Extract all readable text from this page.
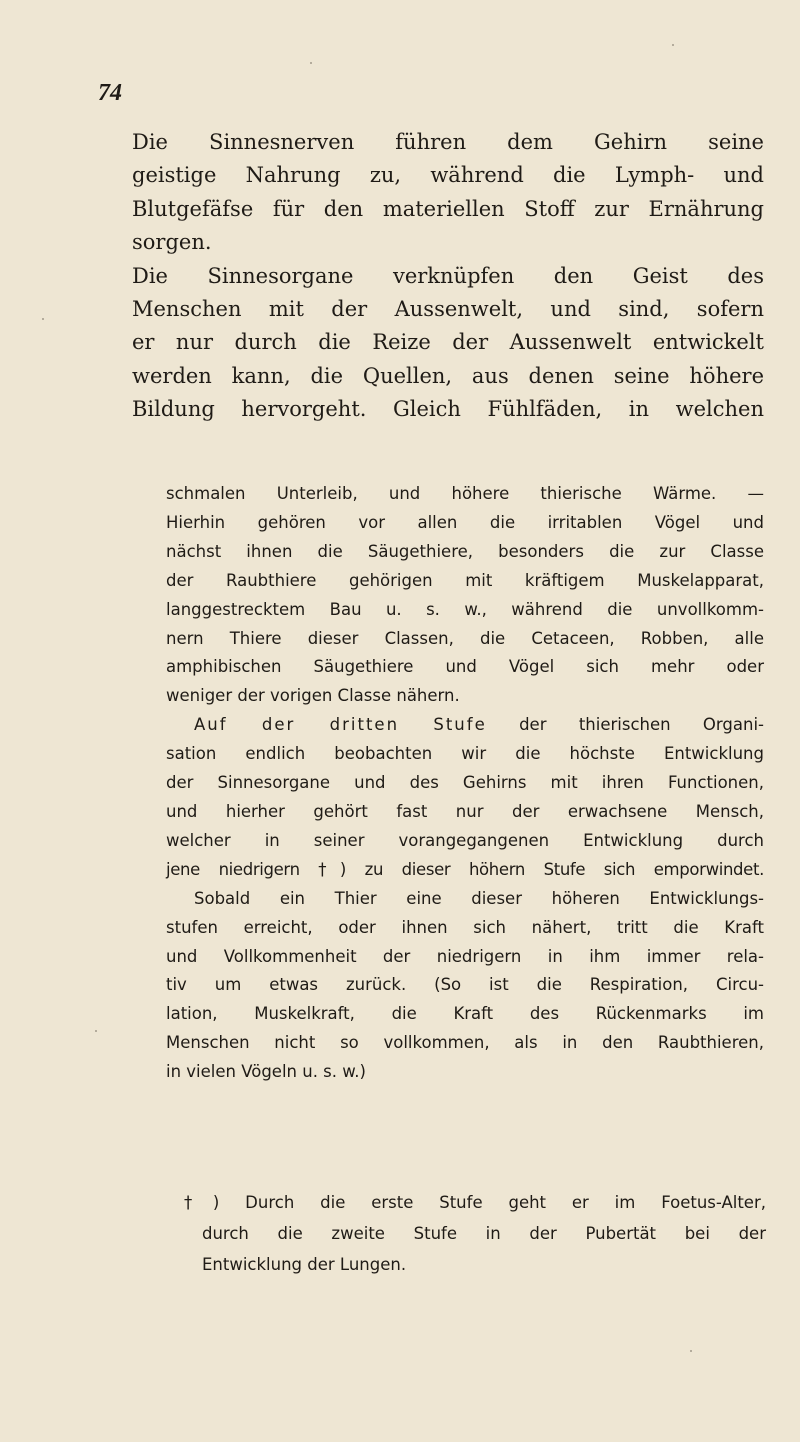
74

Die Sinnesnerven führen dem Gehirn seine
geistige Nahrung zu, während die Lymph- und
Blutgefäfse für den materiellen Stoff zur Ernährung
sorgen.

Die Sinnesorgane verknüpfen den Geist des
Menschen mit der Aussenwelt, und sind, sofern
er nur durch die Reize der Aussenwelt entwickelt
werden kann, die Quellen, aus denen seine höhere
Bildung hervorgeht. Gleich Fühlfäden, in welchen

schmalen Unterleib, und höhere thierische Wärme. —
Hierhin gehören vor allen die irritablen Vögel und
nächst ihnen die Säugethiere, besonders die zur Classe
der Raubthiere gehörigen mit kräftigem Muskelapparat,
langgestrecktem Bau u. s. w., während die unvollkomm-
nern Thiere dieser Classen, die Cetaceen, Robben, alle
amphibischen Säugethiere und Vögel sich mehr oder
weniger der vorigen Classe nähern.

Auf der dritten Stufe der thierischen Organi-
sation endlich beobachten wir die höchste Entwicklung
der Sinnesorgane und des Gehirns mit ihren Functionen,
und hierher gehört fast nur der erwachsene Mensch,
welcher in seiner vorangegangenen Entwicklung durch
jene niedrigern †) zu dieser höhern Stufe sich emporwindet.

Sobald ein Thier eine dieser höheren Entwicklungs-
stufen erreicht, oder ihnen sich nähert, tritt die Kraft
und Vollkommenheit der niedrigern in ihm immer rela-
tiv um etwas zurück. (So ist die Respiration, Circu-
lation, Muskelkraft, die Kraft des Rückenmarks im
Menschen nicht so vollkommen, als in den Raubthieren,
in vielen Vögeln u. s. w.)

†) Durch die erste Stufe geht er im Foetus-Alter,
durch die zweite Stufe in der Pubertät bei der
Entwicklung der Lungen.
